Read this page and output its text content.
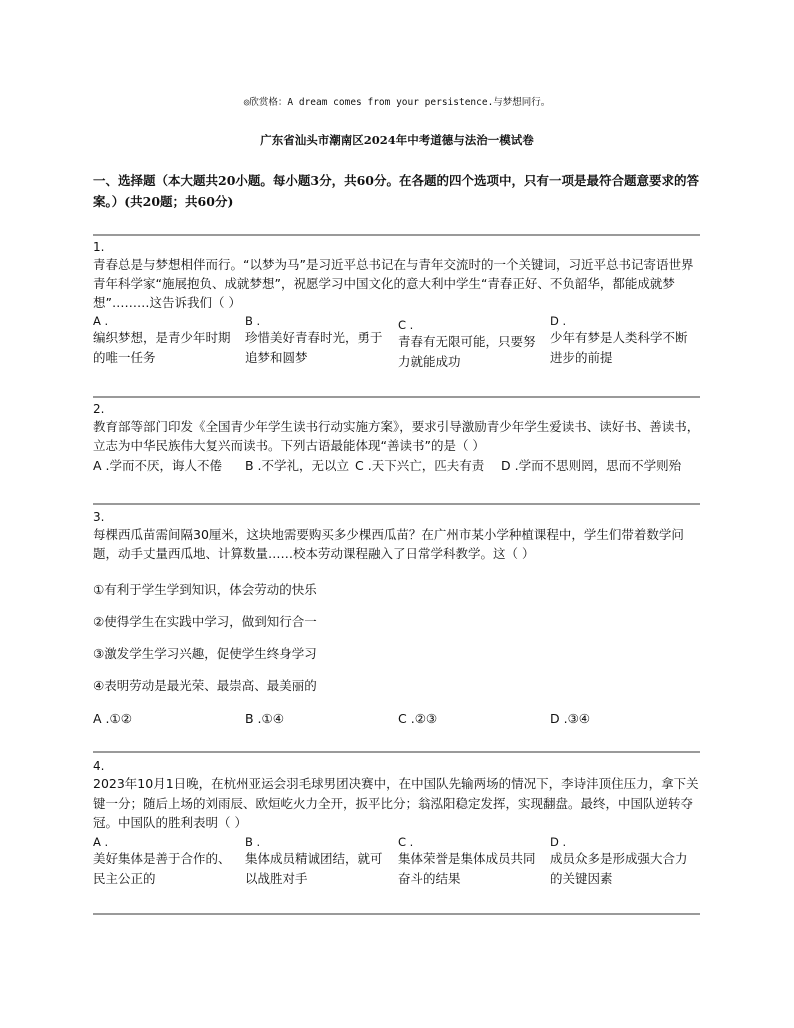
◎欣赏格：A dream comes from your persistence.与梦想同行。
广东省汕头市潮南区2024年中考道德与法治一模试卷
一、选择题（本大题共20小题。每小题3分，共60分。在各题的四个选项中，只有一项是最符合题意要求的答案。）(共20题；共60分)
1.
青春总是与梦想相伴而行。“以梦为马”是习近平总书记在与青年交流时的一个关键词，习近平总书记寄语世界青年科学家“施展抱负、成就梦想”，祝愿学习中国文化的意大利中学生“青春正好、不负韶华，都能成就梦想”………这告诉我们（ ）
A .
编织梦想，是青少年时期的唯一任务
B .
珍惜美好青春时光，勇于追梦和圆梦
C .
青春有无限可能，只要努力就能成功
D .
少年有梦是人类科学不断进步的前提
2.
教育部等部门印发《全国青少年学生读书行动实施方案》，要求引导激励青少年学生爱读书、读好书、善读书，立志为中华民族伟大复兴而读书。下列古语最能体现“善读书”的是（ ）
A .学而不厌，诲人不倦 B .不学礼，无以立 C .天下兴亡，匹夫有责 D .学而不思则罔，思而不学则殆
3.
每棵西瓜苗需间隔30厘米，这块地需要购买多少棵西瓜苗？在广州市某小学种植课程中，学生们带着数学问题，动手丈量西瓜地、计算数量……校本劳动课程融入了日常学科教学。这（ ）
①有利于学生学到知识，体会劳动的快乐
②使得学生在实践中学习，做到知行合一
③激发学生学习兴趣，促使学生终身学习
④表明劳动是最光荣、最崇高、最美丽的
A .①②	B .①④	C .②③	D .③④
4.
2023年10月1日晚，在杭州亚运会羽毛球男团决赛中，在中国队先输两场的情况下，李诗沣顶住压力，拿下关键一分；随后上场的刘雨辰、欧烜屹火力全开，扳平比分；翁泓阳稳定发挥，实现翻盘。最终，中国队逆转夺冠。中国队的胜利表明（ ）
A .
美好集体是善于合作的、民主公正的
B .
集体成员精诚团结，就可以战胜对手
C .
集体荣誉是集体成员共同奋斗的结果
D .
成员众多是形成强大合力的关键因素
